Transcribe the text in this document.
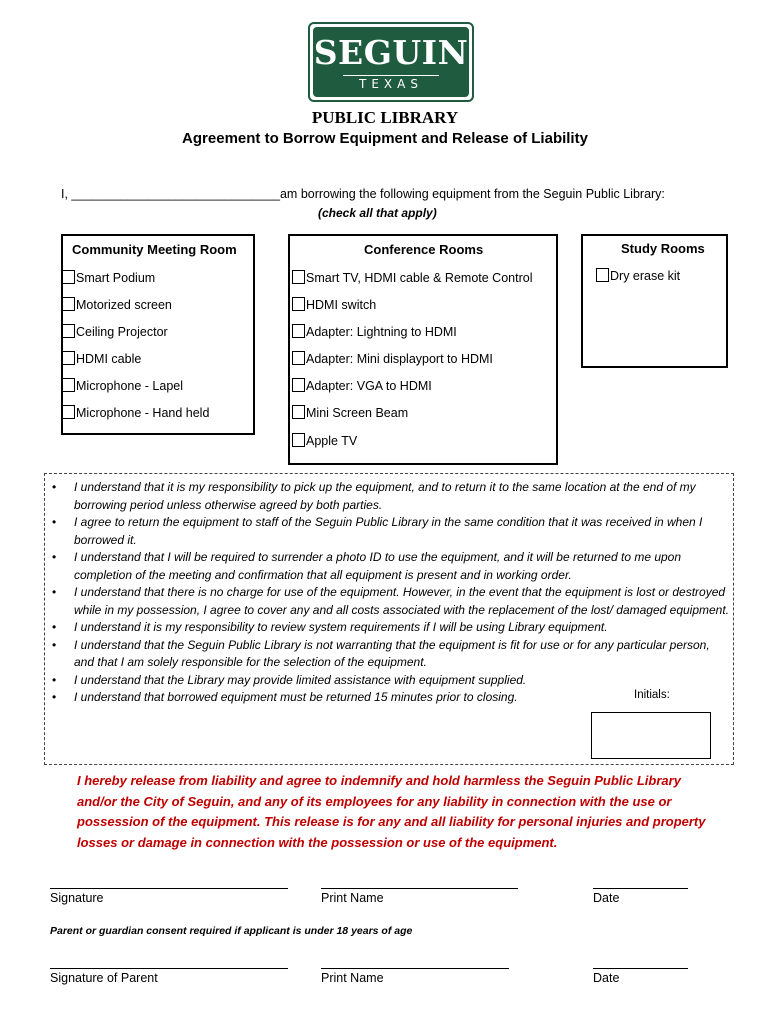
SEGUIN
TEXAS
PUBLIC LIBRARY
Agreement to Borrow Equipment and Release of Liability
I, ______________________________am borrowing the following equipment from the Seguin Public Library:
(check all that apply)
Community Meeting Room
Smart Podium
Motorized screen
Ceiling Projector
HDMI cable
Microphone - Lapel
Microphone - Hand held
Conference Rooms
Smart TV, HDMI cable & Remote Control
HDMI switch
Adapter: Lightning to HDMI
Adapter: Mini displayport to HDMI
Adapter: VGA to HDMI
Mini Screen Beam
Apple TV
Study Rooms
Dry erase kit
• I understand that it is my responsibility to pick up the equipment, and to return it to the same location at the end of my borrowing period unless otherwise agreed by both parties.
• I agree to return the equipment to staff of the Seguin Public Library in the same condition that it was received in when I borrowed it.
• I understand that I will be required to surrender a photo ID to use the equipment, and it will be returned to me upon completion of the meeting and confirmation that all equipment is present and in working order.
• I understand that there is no charge for use of the equipment. However, in the event that the equipment is lost or destroyed while in my possession, I agree to cover any and all costs associated with the replacement of the lost/ damaged equipment.
• I understand it is my responsibility to review system requirements if I will be using Library equipment.
• I understand that the Seguin Public Library is not warranting that the equipment is fit for use or for any particular person, and that I am solely responsible for the selection of the equipment.
• I understand that the Library may provide limited assistance with equipment supplied.
• I understand that borrowed equipment must be returned 15 minutes prior to closing.	Initials:
I hereby release from liability and agree to indemnify and hold harmless the Seguin Public Library and/or the City of Seguin, and any of its employees for any liability in connection with the use or possession of the equipment. This release is for any and all liability for personal injuries and property losses or damage in connection with the possession or use of the equipment.
Signature	Print Name	Date
Parent or guardian consent required if applicant is under 18 years of age
Signature of Parent	Print Name	Date
